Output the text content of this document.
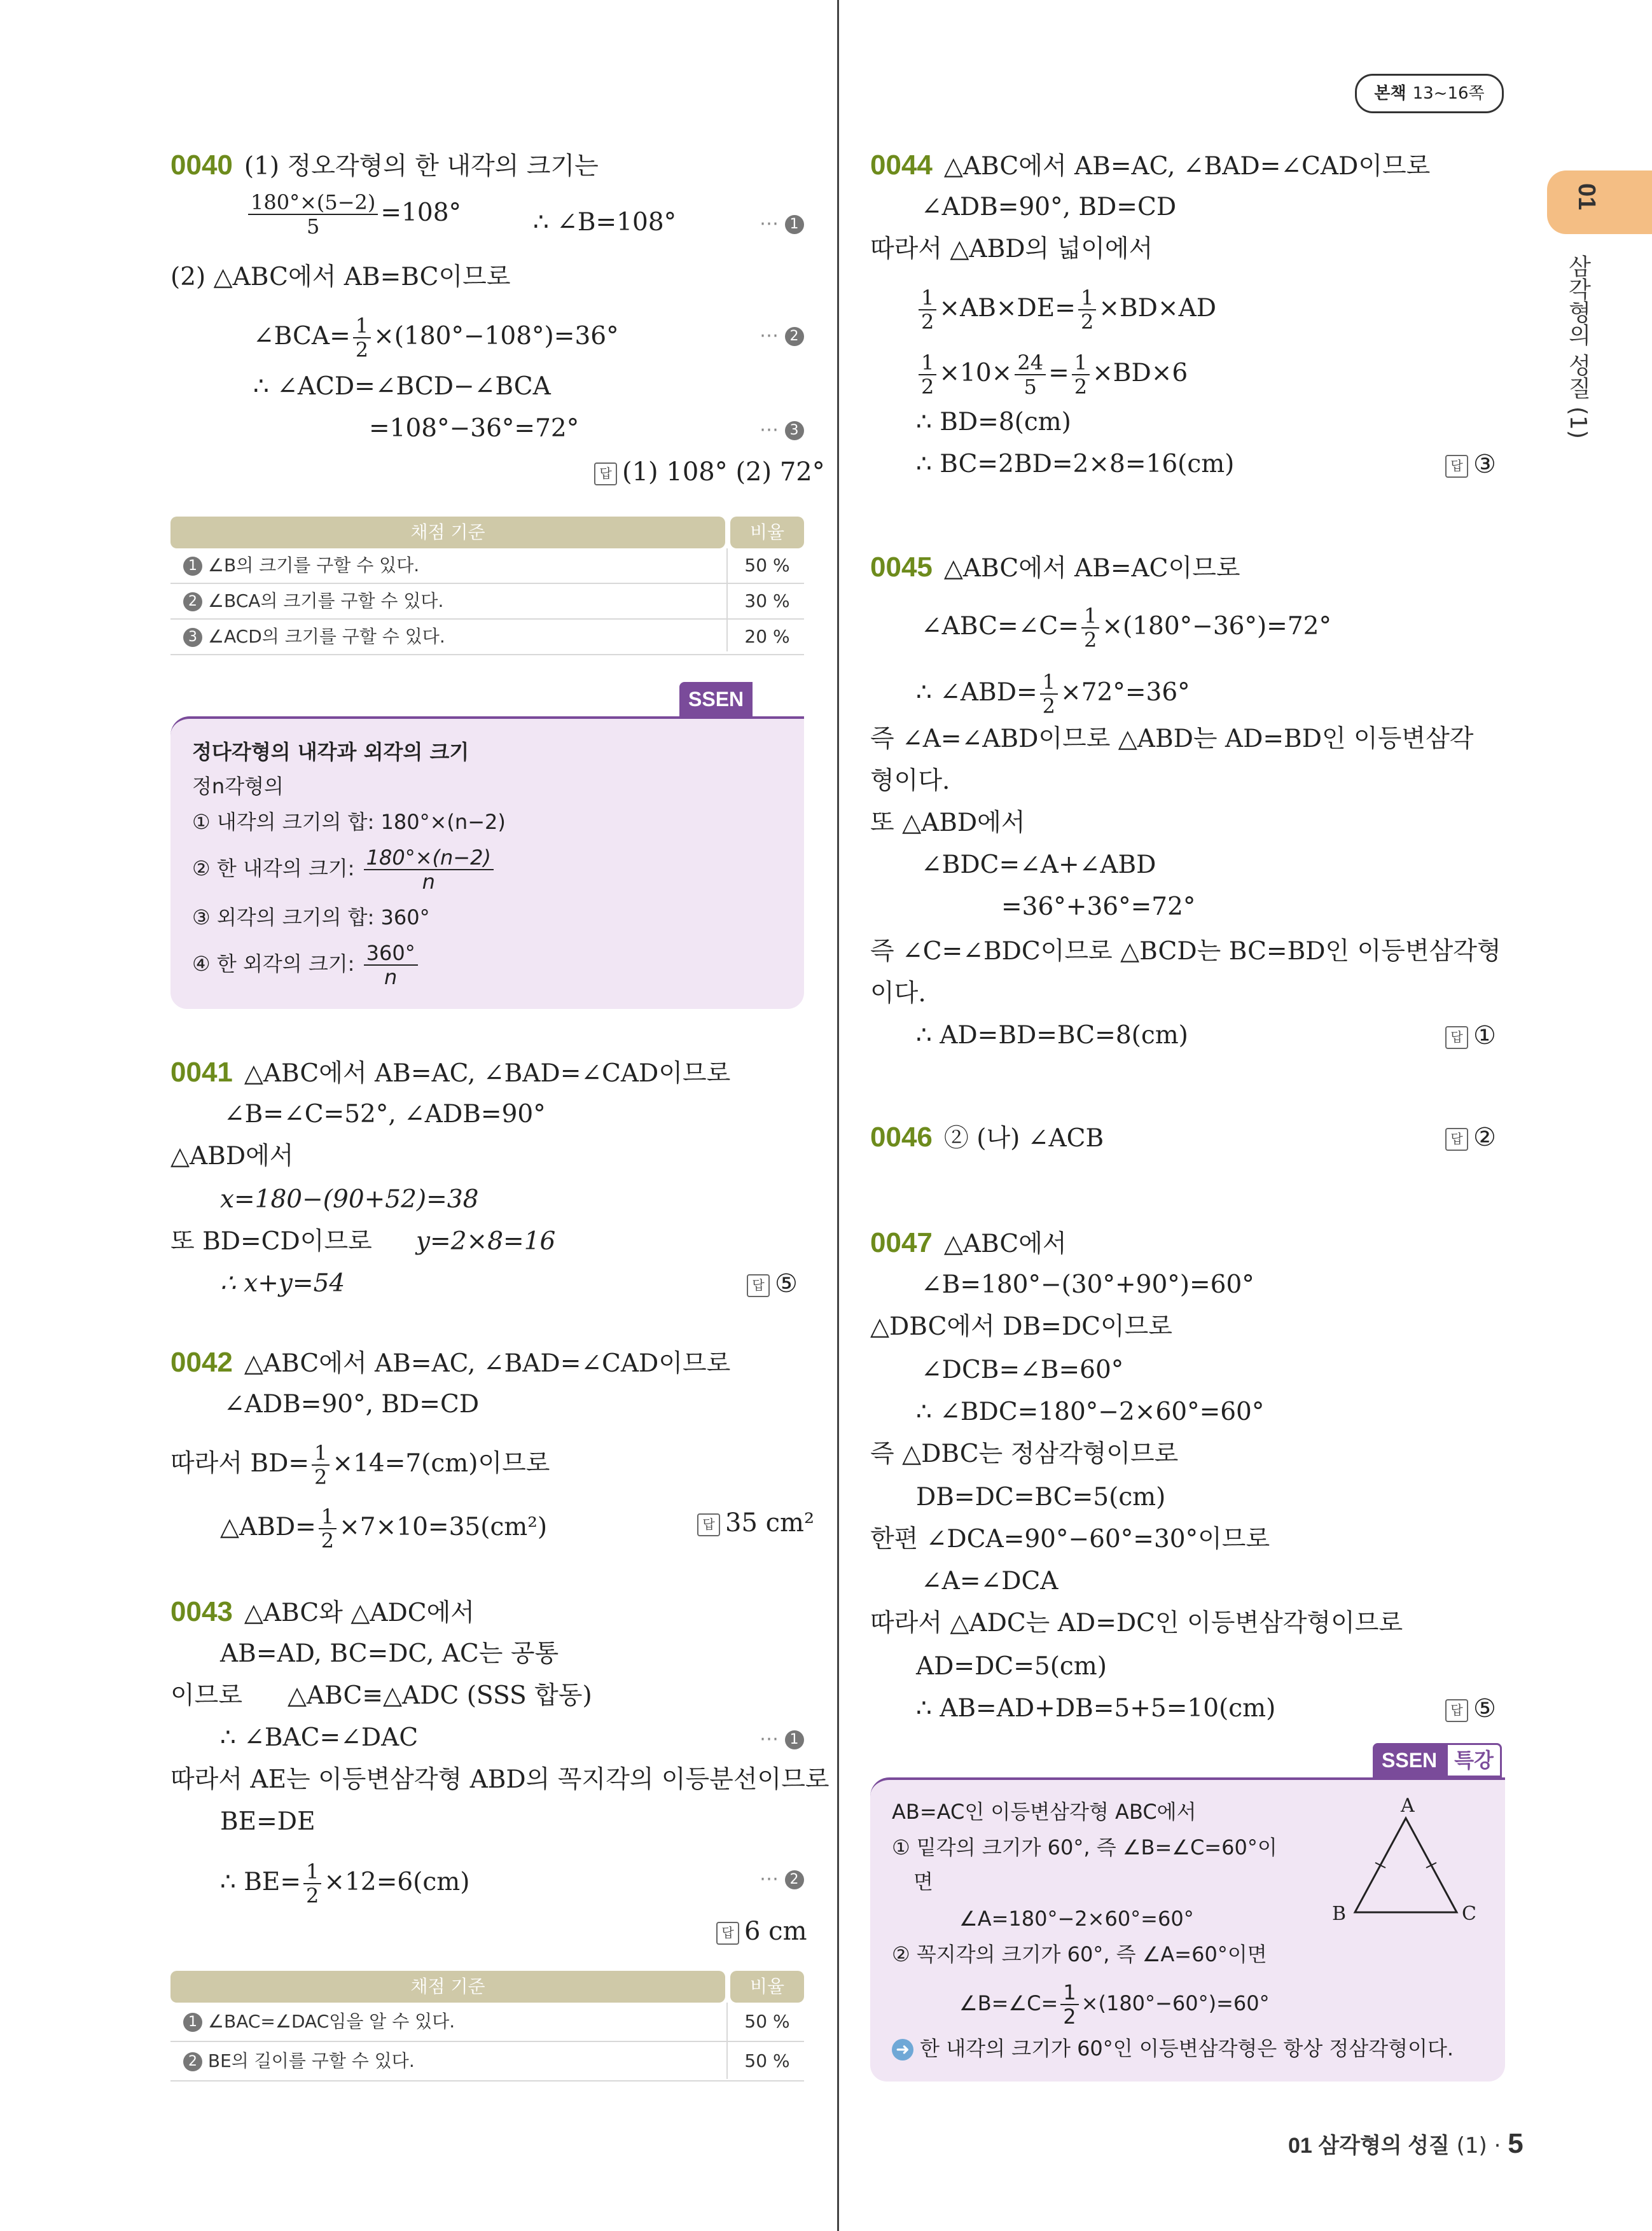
본책 13~16쪽
01
삼각형의 성질 (1)
0040 (1) 정오각형의 한 내각의 크기는
$\frac{180^\circ\times(5-2)}{5} =108^\circ$	∴ ∠B=108°	⋯ 1
(2) △ABC에서 AB=BC이므로
∠BCA= $\frac{1}{2} \times(180^\circ-108^\circ)=36^\circ$	⋯ 2
∴ ∠ACD=∠BCD−∠BCA
=108°−36°=72°	⋯ 3
답 (1) 108° (2) 72°
채점 기준	비율
1 ∠B의 크기를 구할 수 있다.	50 %
2 ∠BCA의 크기를 구할 수 있다.	30 %
3 ∠ACD의 크기를 구할 수 있다.	20 %
SSEN
정다각형의 내각과 외각의 크기
정n각형의
① 내각의 크기의 합: 180°×(n−2)
② 한 내각의 크기: $\frac{180^\circ\times(n-2)}{n}$
③ 외각의 크기의 합: 360°
④ 한 외각의 크기: $\frac{360^\circ}{n}$
0041 △ABC에서 AB=AC, ∠BAD=∠CAD이므로
∠B=∠C=52°, ∠ADB=90°
△ABD에서
x=180−(90+52)=38
또 BD=CD이므로 y=2×8=16
∴ x+y=54	답 ⑤
0042 △ABC에서 AB=AC, ∠BAD=∠CAD이므로
∠ADB=90°, BD=CD
따라서 $BD= \frac{1}{2} \times 14=7(cm)$이므로
△ABD= $\frac{1}{2} \times 7\times 10=35(cm^2)$	답 35 cm²
0043 △ABC와 △ADC에서
AB=AD, BC=DC, AC는 공통
이므로 △ABC≡△ADC (SSS 합동)
∴ ∠BAC=∠DAC	⋯ 1
따라서 AE는 이등변삼각형 ABD의 꼭지각의 이등분선이므로
BE=DE
∴ $BE= \frac{1}{2} \times 12=6(cm)$	⋯ 2
답 6 cm
채점 기준	비율
1 ∠BAC=∠DAC임을 알 수 있다.	50 %
2 BE의 길이를 구할 수 있다.	50 %
0044 △ABC에서 AB=AC, ∠BAD=∠CAD이므로
∠ADB=90°, BD=CD
따라서 △ABD의 넓이에서
$\frac{1}{2} \times AB\times DE= \frac{1}{2} \times BD\times AD$
$\frac{1}{2} \times 10\times \frac{24}{5} = \frac{1}{2} \times BD\times 6$
∴ BD=8(cm)
∴ BC=2BD=2×8=16(cm)	답 ③
0045 △ABC에서 AB=AC이므로
∠ABC=∠C= $\frac{1}{2} \times(180^\circ-36^\circ)=72^\circ$
∴ ∠ABD= $\frac{1}{2} \times 72^\circ=36^\circ$
즉 ∠A=∠ABD이므로 △ABD는 AD=BD인 이등변삼각
형이다.
또 △ABD에서
∠BDC=∠A+∠ABD
=36°+36°=72°
즉 ∠C=∠BDC이므로 △BCD는 BC=BD인 이등변삼각형
이다.
∴ AD=BD=BC=8(cm)	답 ①
0046 ② (나) ∠ACB	답 ②
0047 △ABC에서
∠B=180°−(30°+90°)=60°
△DBC에서 DB=DC이므로
∠DCB=∠B=60°
∴ ∠BDC=180°−2×60°=60°
즉 △DBC는 정삼각형이므로
DB=DC=BC=5(cm)
한편 ∠DCA=90°−60°=30°이므로
∠A=∠DCA
따라서 △ADC는 AD=DC인 이등변삼각형이므로
AD=DC=5(cm)
∴ AB=AD+DB=5+5=10(cm)	답 ⑤
SSEN 특강
AB=AC인 이등변삼각형 ABC에서
① 밑각의 크기가 60°, 즉 ∠B=∠C=60°이
면
∠A=180°−2×60°=60°
② 꼭지각의 크기가 60°, 즉 ∠A=60°이면
∠B=∠C= $\frac{1}{2} \times(180^\circ-60^\circ)=60^\circ$
➜ 한 내각의 크기가 60°인 이등변삼각형은 항상 정삼각형이다.
A
B	C
01 삼각형의 성질 (1) · 5
